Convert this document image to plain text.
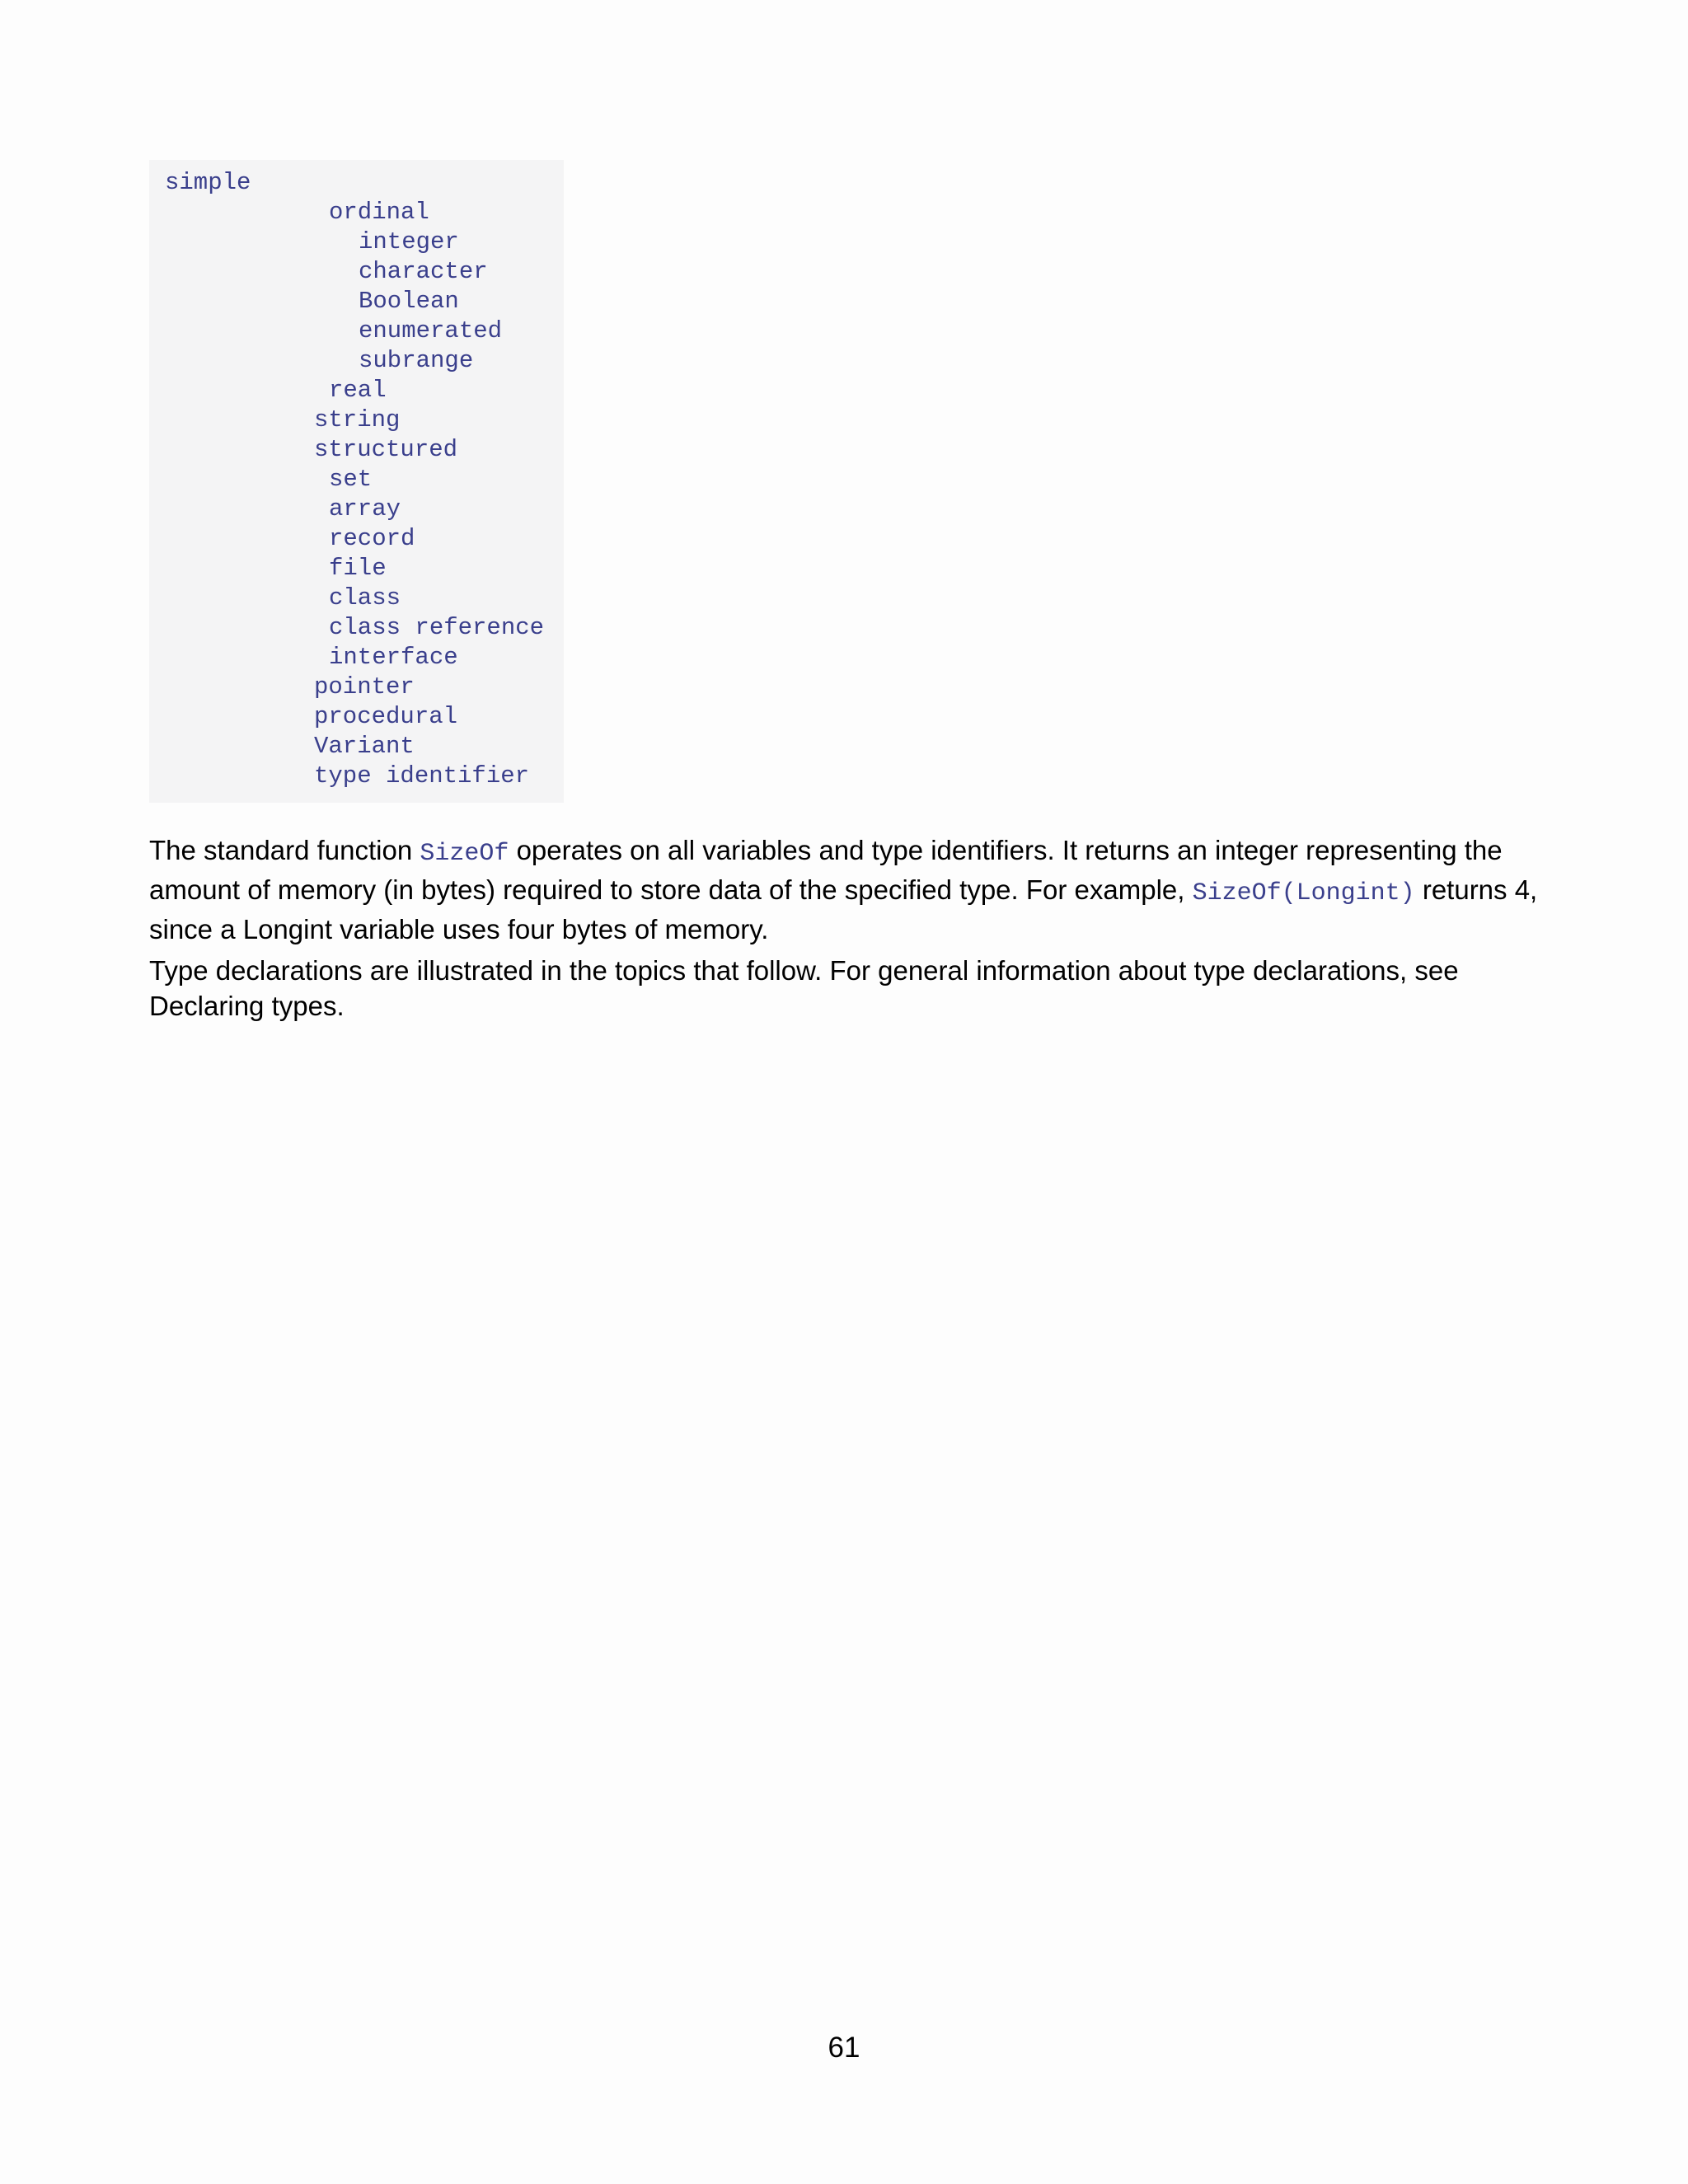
simple
ordinal
integer
character
Boolean
enumerated
subrange
real
string
structured
set
array
record
file
class
class reference
interface
pointer
procedural
Variant
type identifier

The standard function SizeOf operates on all variables and type identifiers. It returns an integer representing the amount of memory (in bytes) required to store data of the specified type. For example, SizeOf(Longint) returns 4, since a Longint variable uses four bytes of memory.

Type declarations are illustrated in the topics that follow. For general information about type declarations, see Declaring types.

61
